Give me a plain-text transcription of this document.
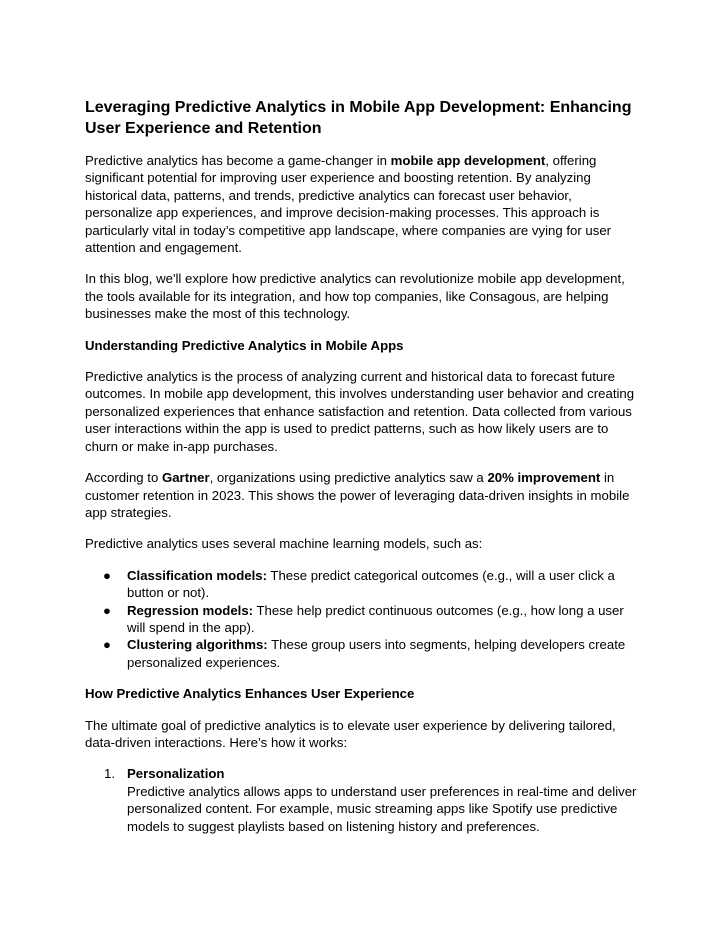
Leveraging Predictive Analytics in Mobile App Development: Enhancing User Experience and Retention

Predictive analytics has become a game-changer in mobile app development, offering significant potential for improving user experience and boosting retention. By analyzing historical data, patterns, and trends, predictive analytics can forecast user behavior, personalize app experiences, and improve decision-making processes. This approach is particularly vital in today’s competitive app landscape, where companies are vying for user attention and engagement.

In this blog, we'll explore how predictive analytics can revolutionize mobile app development, the tools available for its integration, and how top companies, like Consagous, are helping businesses make the most of this technology.

Understanding Predictive Analytics in Mobile Apps

Predictive analytics is the process of analyzing current and historical data to forecast future outcomes. In mobile app development, this involves understanding user behavior and creating personalized experiences that enhance satisfaction and retention. Data collected from various user interactions within the app is used to predict patterns, such as how likely users are to churn or make in-app purchases.

According to Gartner, organizations using predictive analytics saw a 20% improvement in customer retention in 2023. This shows the power of leveraging data-driven insights in mobile app strategies.

Predictive analytics uses several machine learning models, such as:

● Classification models: These predict categorical outcomes (e.g., will a user click a button or not).
● Regression models: These help predict continuous outcomes (e.g., how long a user will spend in the app).
● Clustering algorithms: These group users into segments, helping developers create personalized experiences.
How Predictive Analytics Enhances User Experience

The ultimate goal of predictive analytics is to elevate user experience by delivering tailored, data-driven interactions. Here’s how it works:

1. Personalization
Predictive analytics allows apps to understand user preferences in real-time and deliver personalized content. For example, music streaming apps like Spotify use predictive models to suggest playlists based on listening history and preferences.
